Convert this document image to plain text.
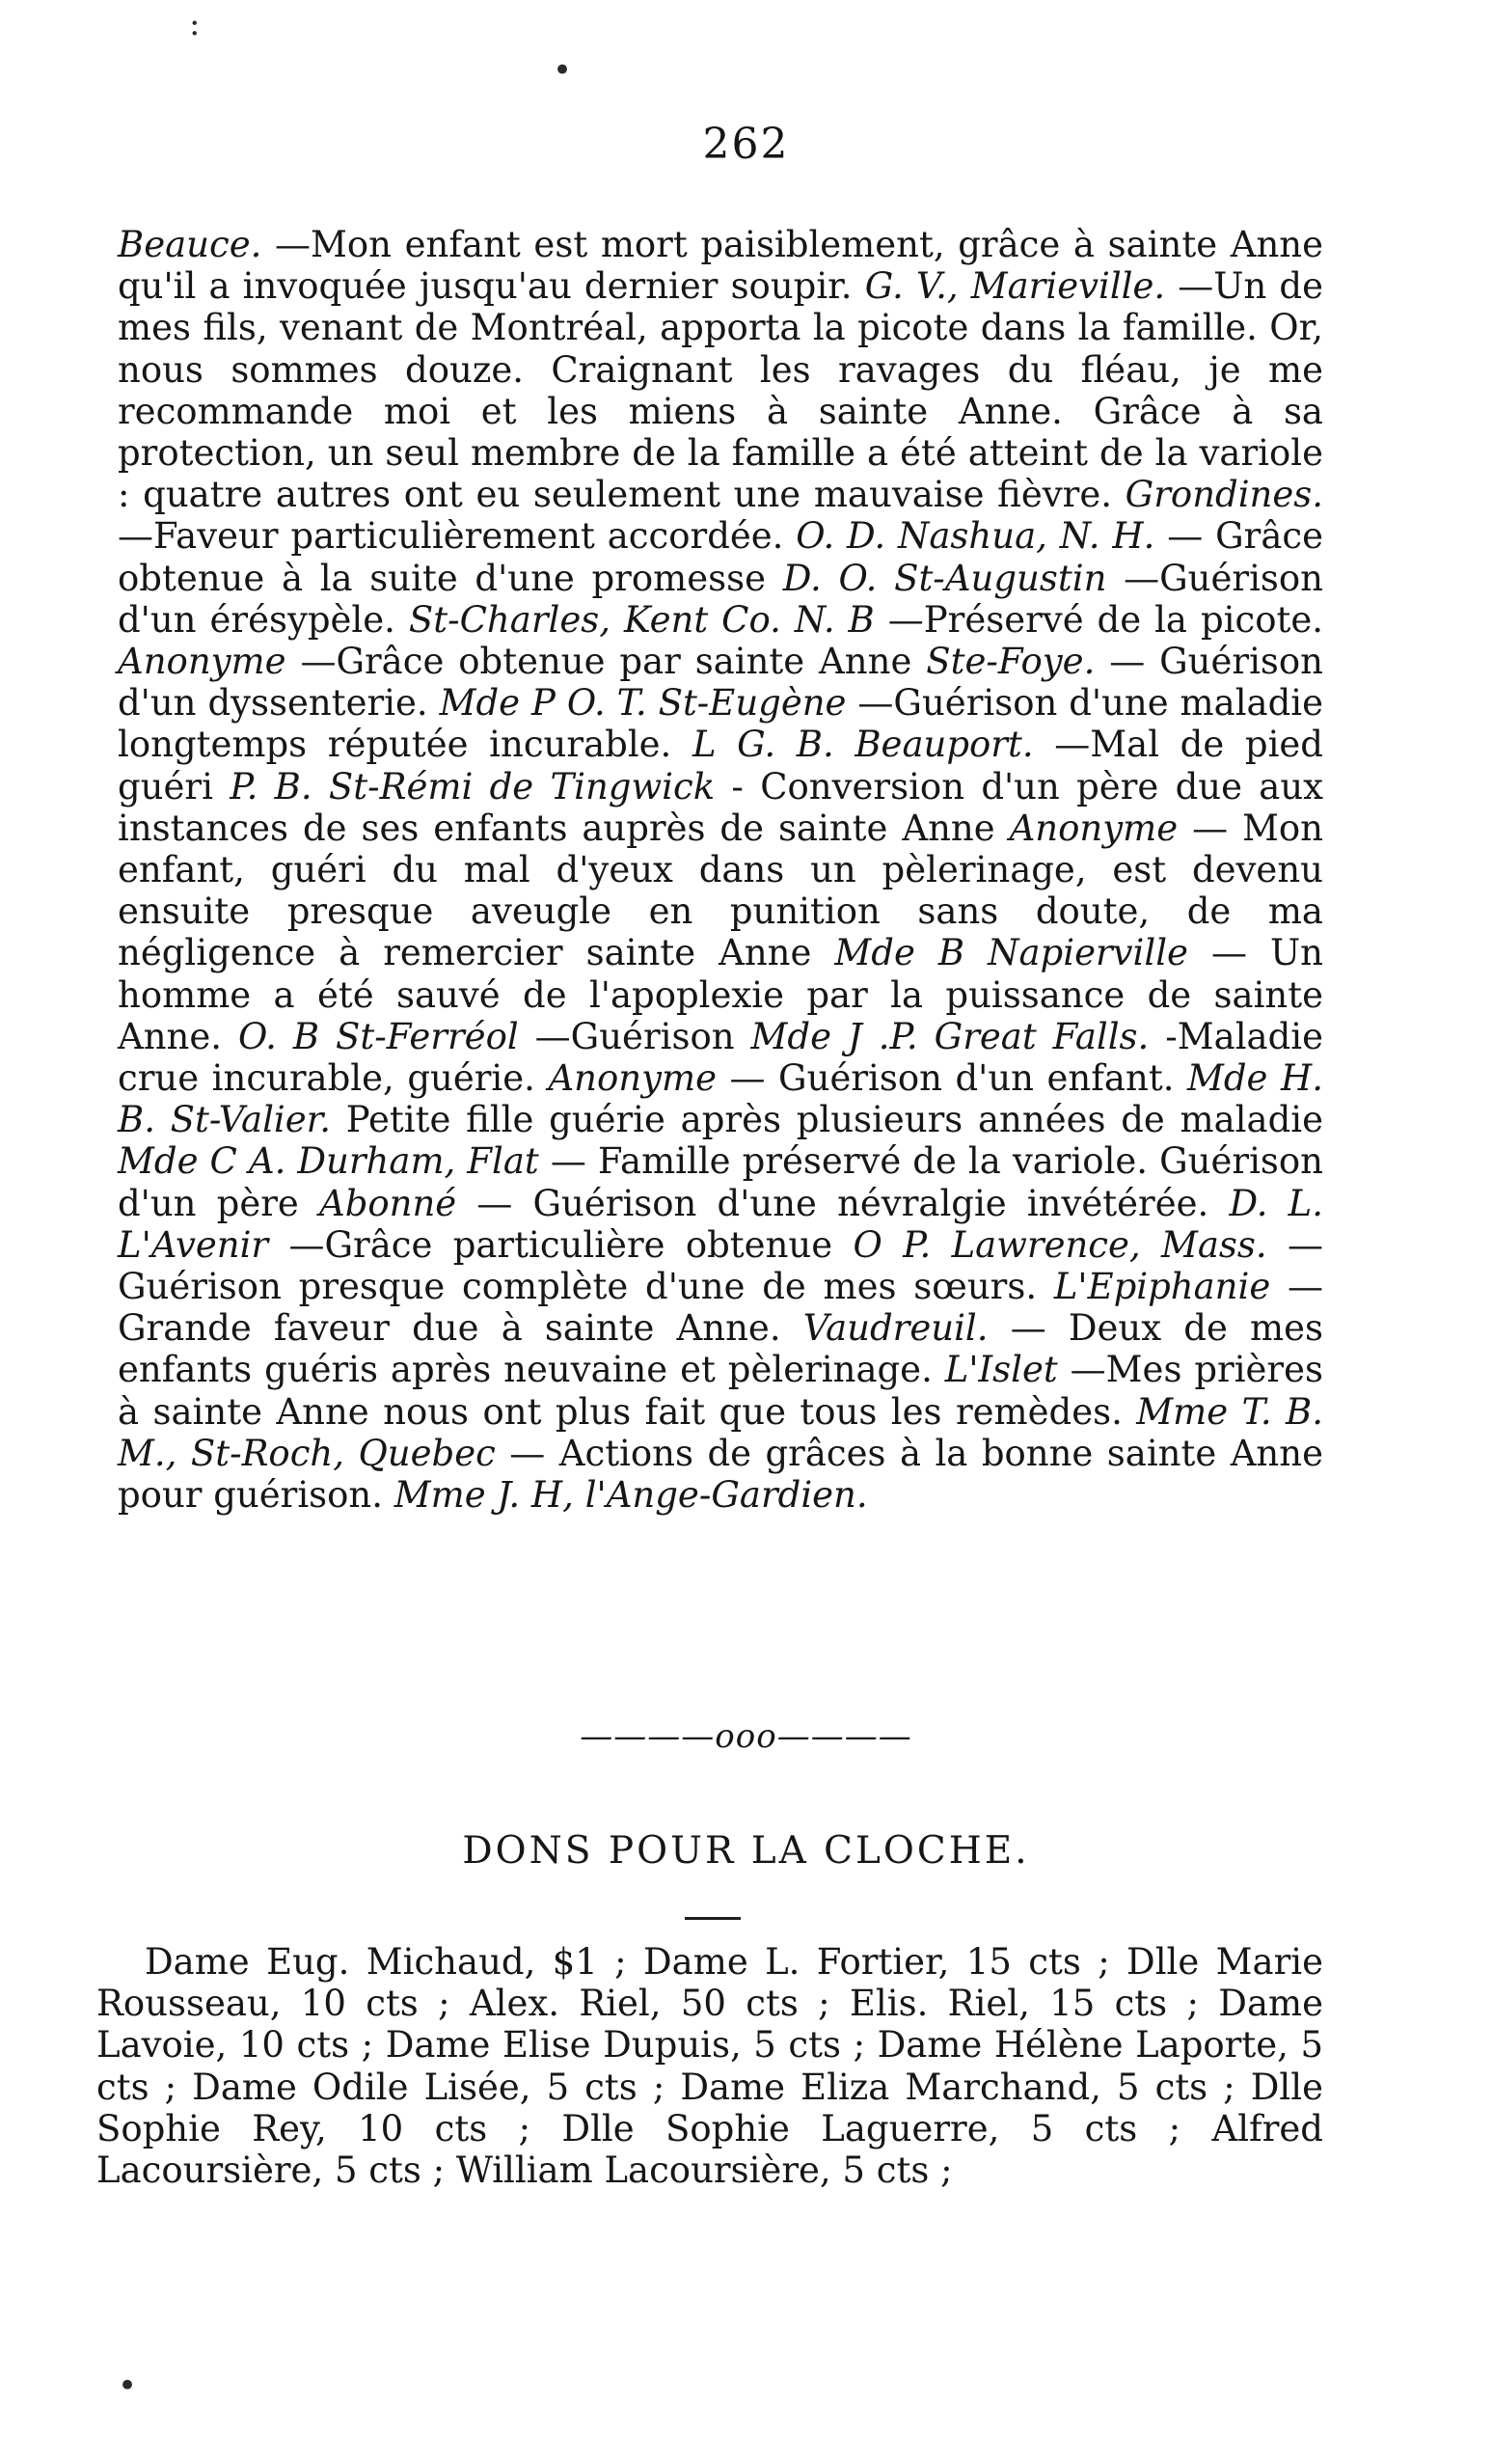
:
•
262

Beauce. —Mon enfant est mort paisiblement, grâce à sainte Anne qu'il a invoquée jusqu'au dernier soupir. G. V., Marieville. —Un de mes fils, venant de Montréal, apporta la picote dans la famille. Or, nous sommes douze. Craignant les ravages du fléau, je me recommande moi et les miens à sainte Anne. Grâce à sa protection, un seul membre de la famille a été atteint de la variole : quatre autres ont eu seulement une mauvaise fièvre. Grondines. —Faveur particulièrement accordée. O. D. Nashua, N. H. — Grâce obtenue à la suite d'une promesse D. O. St-Augustin —Guérison d'un érésypèle. St-Charles, Kent Co. N. B —Préservé de la picote. Anonyme —Grâce obtenue par sainte Anne Ste-Foye. — Guérison d'un dyssenterie. Mde P O. T. St-Eugène —Guérison d'une maladie longtemps réputée incurable. L G. B. Beauport. —Mal de pied guéri P. B. St-Rémi de Tingwick - Conversion d'un père due aux instances de ses enfants auprès de sainte Anne Anonyme — Mon enfant, guéri du mal d'yeux dans un pèlerinage, est devenu ensuite presque aveugle en punition sans doute, de ma négligence à remercier sainte Anne Mde B Napierville — Un homme a été sauvé de l'apoplexie par la puissance de sainte Anne. O. B St-Ferréol —Guérison Mde J .P. Great Falls. -Maladie crue incurable, guérie. Anonyme — Guérison d'un enfant. Mde H. B. St-Valier. Petite fille guérie après plusieurs années de maladie Mde C A. Durham, Flat — Famille préservé de la variole. Guérison d'un père Abonné — Guérison d'une névralgie invétérée. D. L. L'Avenir —Grâce particulière obtenue O P. Lawrence, Mass. —Guérison presque complète d'une de mes sœurs. L'Epiphanie — Grande faveur due à sainte Anne. Vaudreuil. — Deux de mes enfants guéris après neuvaine et pèlerinage. L'Islet —Mes prières à sainte Anne nous ont plus fait que tous les remèdes. Mme T. B. M., St-Roch, Quebec — Actions de grâces à la bonne sainte Anne pour guérison. Mme J. H, l'Ange-Gardien.

————ooo————
DONS POUR LA CLOCHE.

Dame Eug. Michaud, $1 ; Dame L. Fortier, 15 cts ; Dlle Marie Rousseau, 10 cts ; Alex. Riel, 50 cts ; Elis. Riel, 15 cts ; Dame Lavoie, 10 cts ; Dame Elise Dupuis, 5 cts ; Dame Hélène Laporte, 5 cts ; Dame Odile Lisée, 5 cts ; Dame Eliza Marchand, 5 cts ; Dlle Sophie Rey, 10 cts ; Dlle Sophie Laguerre, 5 cts ; Alfred Lacoursière, 5 cts ; William Lacoursière, 5 cts ;

•
